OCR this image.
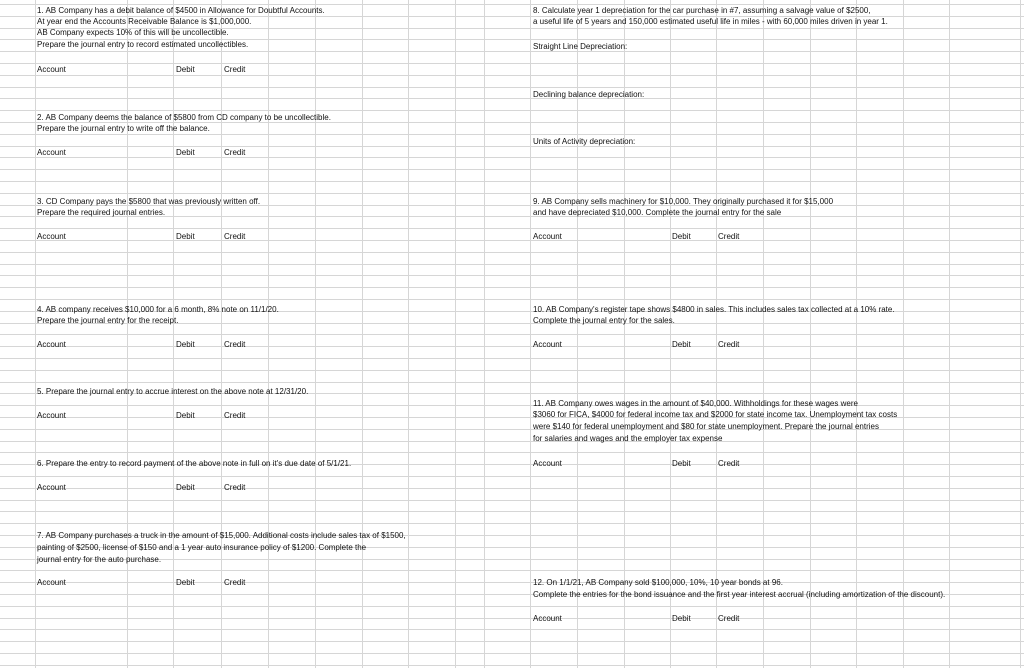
1. AB Company has a debit balance of $4500 in Allowance for Doubtful Accounts.
At year end the Accounts Receivable Balance is $1,000,000.
AB Company expects 10% of this will be uncollectible.
Prepare the journal entry to record estimated uncollectibles.
Account	Debit	Credit
2. AB Company deems the balance of $5800 from CD company to be uncollectible.
Prepare the journal entry to write off the balance.
Account	Debit	Credit
3. CD Company pays the $5800 that was previously written off.
Prepare the required journal entries.
Account	Debit	Credit
4. AB company receives $10,000 for a 6 month, 8% note on 11/1/20.
Prepare the journal entry for the receipt.
Account	Debit	Credit
5. Prepare the journal entry to accrue interest on the above note at 12/31/20.
Account	Debit	Credit
6. Prepare the entry to record payment of the above note in full on it's due date of 5/1/21.
Account	Debit	Credit
7. AB Company purchases a truck in the amount of $15,000. Additional costs include sales tax of $1500,
painting of $2500, license of $150 and a 1 year auto insurance policy of $1200. Complete the
journal entry for the auto purchase.
Account	Debit	Credit
8. Calculate year 1 depreciation for the car purchase in #7, assuming a salvage value of $2500,
a useful life of 5 years and 150,000 estimated useful life in miles - with 60,000 miles driven in year 1.
Straight Line Depreciation:
Declining balance depreciation:
Units of Activity depreciation:
9. AB Company sells machinery for $10,000. They originally purchased it for $15,000
and have depreciated $10,000. Complete the journal entry for the sale
Account	Debit	Credit
10. AB Company's register tape shows $4800 in sales. This includes sales tax collected at a 10% rate.
Complete the journal entry for the sales.
Account	Debit	Credit
11. AB Company owes wages in the amount of $40,000. Withholdings for these wages were
$3060 for FICA, $4000 for federal income tax and $2000 for state income tax. Unemployment tax costs
were $140 for federal unemployment and $80 for state unemployment. Prepare the journal entries
for salaries and wages and the employer tax expense
Account	Debit	Credit
12. On 1/1/21, AB Company sold $100,000, 10%, 10 year bonds at 96.
Complete the entries for the bond issuance and the first year interest accrual (including amortization of the discount).
Account	Debit	Credit
